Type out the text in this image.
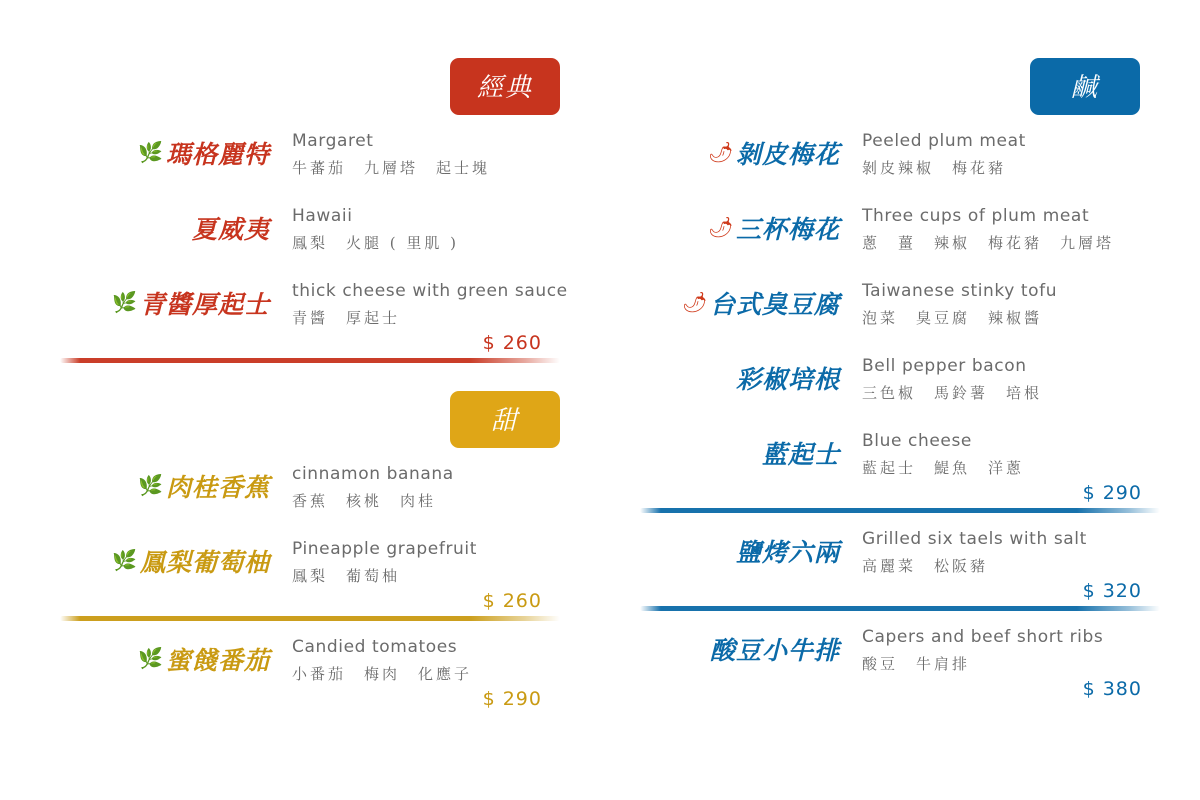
經典
🌿 瑪格麗特 Margaret
牛蕃茄　九層塔　起士塊
夏威夷 Hawaii
鳳梨　火腿 ( 里肌 )
🌿 青醬厚起士 thick cheese with green sauce
青醬　厚起士
$ 260
甜
🌿 肉桂香蕉 cinnamon banana
香蕉　核桃　肉桂
🌿 鳳梨葡萄柚 Pineapple grapefruit
鳳梨　葡萄柚
$ 260
🌿 蜜餞番茄 Candied tomatoes
小番茄　梅肉　化應子
$ 290
鹹
🌶 剝皮梅花 Peeled plum meat
剝皮辣椒　梅花豬
🌶 三杯梅花 Three cups of plum meat
蔥　薑　辣椒　梅花豬　九層塔
🌶 台式臭豆腐 Taiwanese stinky tofu
泡菜　臭豆腐　辣椒醬
彩椒培根 Bell pepper bacon
三色椒　馬鈴薯　培根
藍起士 Blue cheese
藍起士　鯷魚　洋蔥
$ 290
鹽烤六兩 Grilled six taels with salt
高麗菜　松阪豬
$ 320
酸豆小牛排 Capers and beef short ribs
酸豆　牛肩排
$ 380
